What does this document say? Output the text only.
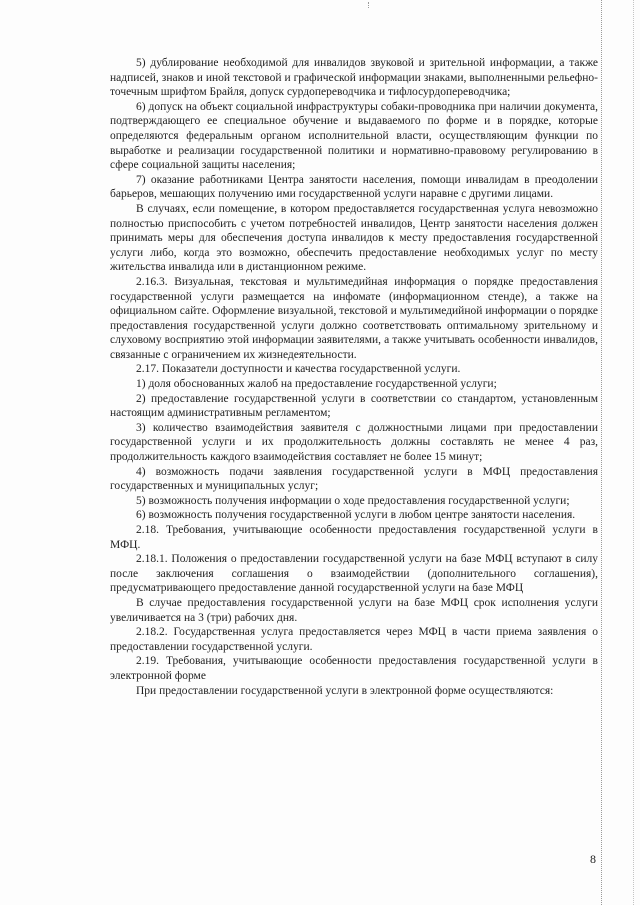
5) дублирование необходимой для инвалидов звуковой и зрительной информации, а также надписей, знаков и иной текстовой и графической информации знаками, выполненными рельефно-точечным шрифтом Брайля, допуск сурдопереводчика и тифлосурдопереводчика;

6) допуск на объект социальной инфраструктуры собаки-проводника при наличии документа, подтверждающего ее специальное обучение и выдаваемого по форме и в порядке, которые определяются федеральным органом исполнительной власти, осуществляющим функции по выработке и реализации государственной политики и нормативно-правовому регулированию в сфере социальной защиты населения;

7) оказание работниками Центра занятости населения, помощи инвалидам в преодолении барьеров, мешающих получению ими государственной услуги наравне с другими лицами.

В случаях, если помещение, в котором предоставляется государственная услуга невозможно полностью приспособить с учетом потребностей инвалидов, Центр занятости населения должен принимать меры для обеспечения доступа инвалидов к месту предоставления государственной услуги либо, когда это возможно, обеспечить предоставление необходимых услуг по месту жительства инвалида или в дистанционном режиме.

2.16.3. Визуальная, текстовая и мультимедийная информация о порядке предоставления государственной услуги размещается на инфомате (информационном стенде), а также на официальном сайте. Оформление визуальной, текстовой и мультимедийной информации о порядке предоставления государственной услуги должно соответствовать оптимальному зрительному и слуховому восприятию этой информации заявителями, а также учитывать особенности инвалидов, связанные с ограничением их жизнедеятельности.

2.17. Показатели доступности и качества государственной услуги.

1) доля обоснованных жалоб на предоставление государственной услуги;

2) предоставление государственной услуги в соответствии со стандартом, установленным настоящим административным регламентом;

3) количество взаимодействия заявителя с должностными лицами при предоставлении государственной услуги и их продолжительность должны составлять не менее 4 раз, продолжительность каждого взаимодействия составляет не более 15 минут;

4) возможность подачи заявления государственной услуги в МФЦ предоставления государственных и муниципальных услуг;

5) возможность получения информации о ходе предоставления государственной услуги;

6) возможность получения государственной услуги в любом центре занятости населения.

2.18. Требования, учитывающие особенности предоставления государственной услуги в МФЦ.

2.18.1. Положения о предоставлении государственной услуги на базе МФЦ вступают в силу после заключения соглашения о взаимодействии (дополнительного соглашения), предусматривающего предоставление данной государственной услуги на базе МФЦ

В случае предоставления государственной услуги на базе МФЦ срок исполнения услуги увеличивается на 3 (три) рабочих дня.

2.18.2. Государственная услуга предоставляется через МФЦ в части приема заявления о предоставлении государственной услуги.

2.19. Требования, учитывающие особенности предоставления государственной услуги в электронной форме

При предоставлении государственной услуги в электронной форме осуществляются:

8
